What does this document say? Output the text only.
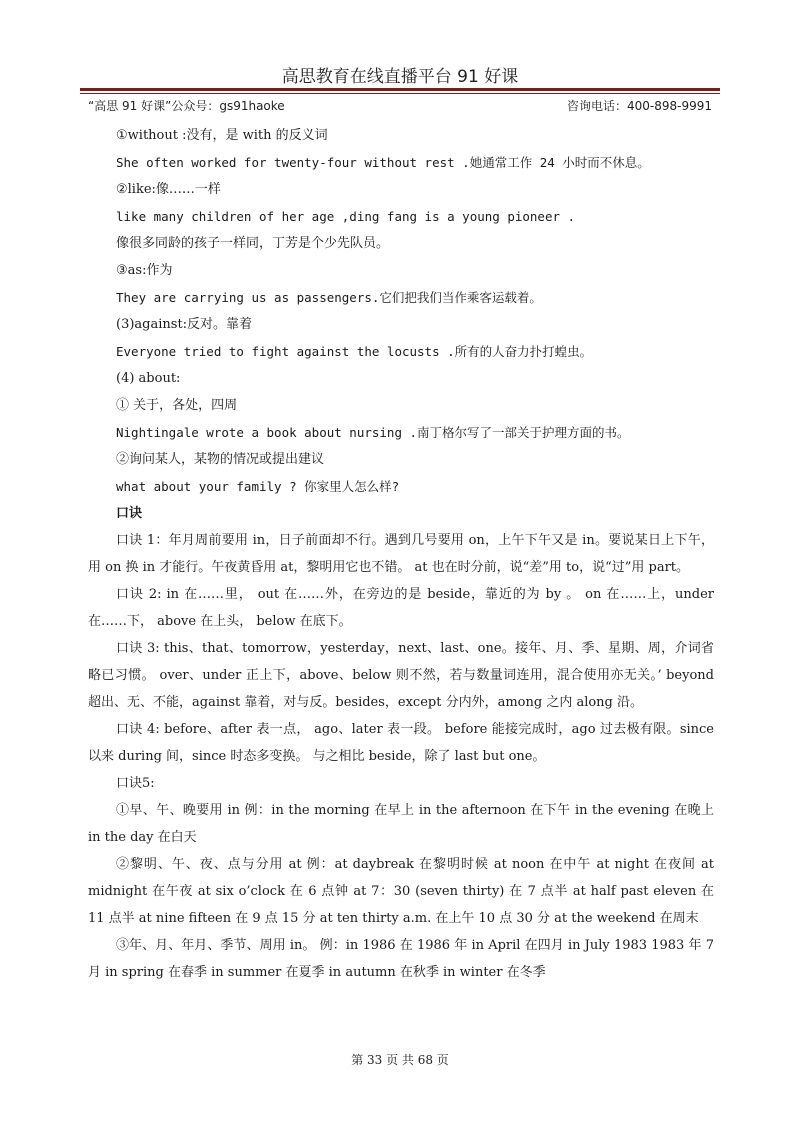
高思教育在线直播平台 91 好课
“高思 91 好课”公众号：gs91haoke	咨询电话：400-898-9991
①without :没有，是 with 的反义词
She often worked for twenty-four without rest .她通常工作 24 小时而不休息。
②like:像……一样
like many children of her age ,ding fang is a young pioneer .
像很多同龄的孩子一样同，丁芳是个少先队员。
③as:作为
They are carrying us as passengers.它们把我们当作乘客运载着。
(3)against:反对。靠着
Everyone tried to fight against the locusts .所有的人奋力扑打蝗虫。
(4) about:
① 关于，各处，四周
Nightingale wrote a book about nursing .南丁格尔写了一部关于护理方面的书。
②询问某人，某物的情况或提出建议
what about your family ? 你家里人怎么样?
口诀
口诀 1：年月周前要用 in，日子前面却不行。遇到几号要用 on，上午下午又是 in。要说某日上下午，用 on 换 in 才能行。午夜黄昏用 at，黎明用它也不错。 at 也在时分前，说“差”用 to，说“过”用 part。
口诀 2: in 在……里， out 在……外，在旁边的是 beside，靠近的为 by 。 on 在……上，under 在……下， above 在上头， below 在底下。
口诀 3: this、that、tomorrow，yesterday，next、last、one。接年、月、季、星期、周，介词省略已习惯。 over、under 正上下，above、below 则不然，若与数量词连用，混合使用亦无关。’ beyond 超出、无、不能，against 靠着，对与反。besides，except 分内外，among 之内 along 沿。
口诀 4: before、after 表一点， ago、later 表一段。 before 能接完成时，ago 过去极有限。since 以来 during 间，since 时态多变换。 与之相比 beside，除了 last but one。
口诀5:
①早、午、晚要用 in 例：in the morning 在早上 in the afternoon 在下午 in the evening 在晚上 in the day 在白天
②黎明、午、夜、点与分用 at 例：at daybreak 在黎明时候 at noon 在中午 at night 在夜间 at midnight 在午夜 at six o’clock 在 6 点钟 at 7：30 (seven thirty) 在 7 点半 at half past eleven 在 11 点半 at nine fifteen 在 9 点 15 分 at ten thirty a.m. 在上午 10 点 30 分 at the weekend 在周末
③年、月、年月、季节、周用 in。 例：in 1986 在 1986 年 in April 在四月 in July 1983 1983 年 7 月 in spring 在春季 in summer 在夏季 in autumn 在秋季 in winter 在冬季
第 33 页 共 68 页
